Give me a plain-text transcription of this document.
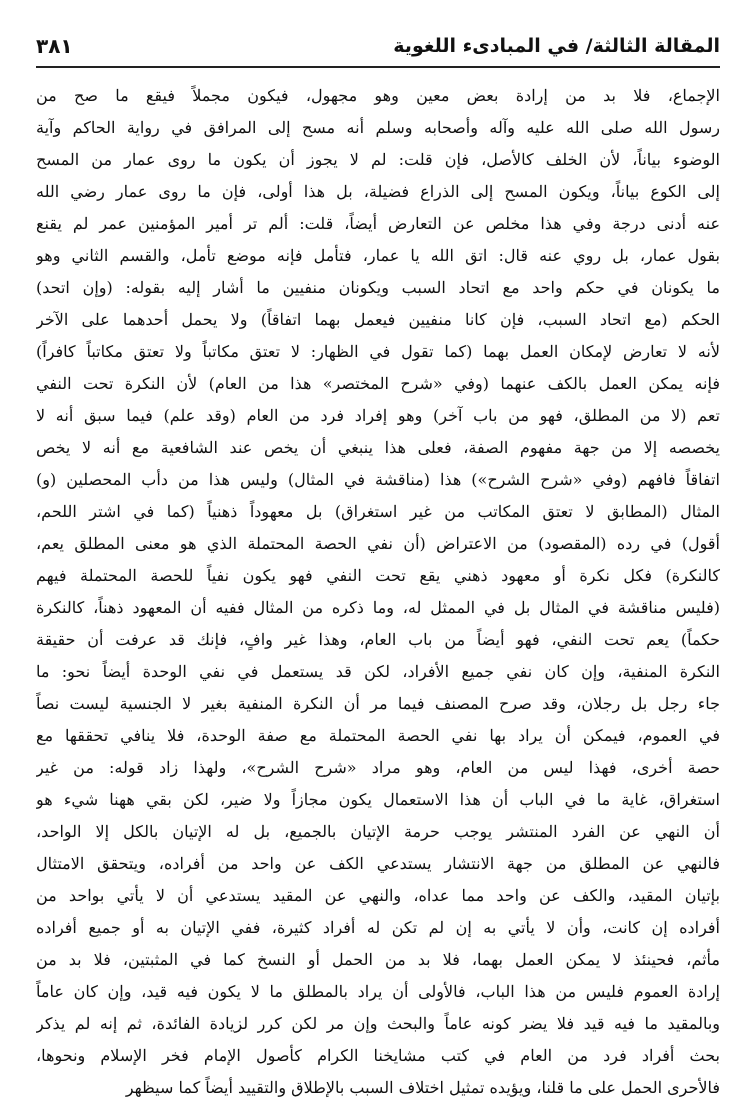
المقالة الثالثة/ في المبادىء اللغوية
٣٨١
الإجماع، فلا بد من إرادة بعض معين وهو مجهول، فيكون مجملاً فيقع ما صح من
رسول الله صلى الله عليه وآله وأصحابه وسلم أنه مسح إلى المرافق في رواية الحاكم وآية
الوضوء بياناً، لأن الخلف كالأصل، فإن قلت: لم لا يجوز أن يكون ما روى عمار من المسح
إلى الكوع بياناً، ويكون المسح إلى الذراع فضيلة، بل هذا أولى، فإن ما روى عمار رضي الله
عنه أدنى درجة وفي هذا مخلص عن التعارض أيضاً، قلت: ألم تر أمير المؤمنين عمر لم يقنع
بقول عمار، بل روي عنه قال: اتق الله يا عمار، فتأمل فإنه موضع تأمل، والقسم الثاني وهو
ما يكونان في حكم واحد مع اتحاد السبب ويكونان منفيين ما أشار إليه بقوله: (وإن اتحد)
الحكم (مع اتحاد السبب، فإن كانا منفيين فيعمل بهما اتفاقاً) ولا يحمل أحدهما على الآخر
لأنه لا تعارض لإمكان العمل بهما (كما تقول في الظهار: لا تعتق مكاتباً ولا تعتق مكاتباً كافراً)
فإنه يمكن العمل بالكف عنهما (وفي «شرح المختصر» هذا من العام) لأن النكرة تحت النفي
تعم (لا من المطلق، فهو من باب آخر) وهو إفراد فرد من العام (وقد علم) فيما سبق أنه لا
يخصصه إلا من جهة مفهوم الصفة، فعلى هذا ينبغي أن يخص عند الشافعية مع أنه لا يخص
اتفاقاً فافهم (وفي «شرح الشرح») هذا (مناقشة في المثال) وليس هذا من دأب المحصلين (و)
المثال (المطابق لا تعتق المكاتب من غير استغراق) بل معهوداً ذهنياً (كما في اشتر اللحم،
أقول) في رده (المقصود) من الاعتراض (أن نفي الحصة المحتملة الذي هو معنى المطلق يعم،
كالنكرة) فكل نكرة أو معهود ذهني يقع تحت النفي فهو يكون نفياً للحصة المحتملة فيهم
(فليس مناقشة في المثال بل في الممثل له، وما ذكره من المثال ففيه أن المعهود ذهناً، كالنكرة
حكماً) يعم تحت النفي، فهو أيضاً من باب العام، وهذا غير وافٍ، فإنك قد عرفت أن حقيقة
النكرة المنفية، وإن كان نفي جميع الأفراد، لكن قد يستعمل في نفي الوحدة أيضاً نحو: ما
جاء رجل بل رجلان، وقد صرح المصنف فيما مر أن النكرة المنفية بغير لا الجنسية ليست نصاً
في العموم، فيمكن أن يراد بها نفي الحصة المحتملة مع صفة الوحدة، فلا ينافي تحققها مع
حصة أخرى، فهذا ليس من العام، وهو مراد «شرح الشرح»، ولهذا زاد قوله: من غير
استغراق، غاية ما في الباب أن هذا الاستعمال يكون مجازاً ولا ضير، لكن بقي ههنا شيء هو
أن النهي عن الفرد المنتشر يوجب حرمة الإتيان بالجميع، بل له الإتيان بالكل إلا الواحد،
فالنهي عن المطلق من جهة الانتشار يستدعي الكف عن واحد من أفراده، ويتحقق الامتثال
بإتيان المقيد، والكف عن واحد مما عداه، والنهي عن المقيد يستدعي أن لا يأتي بواحد من
أفراده إن كانت، وأن لا يأتي به إن لم تكن له أفراد كثيرة، ففي الإتيان به أو جميع أفراده
مأثم، فحينئذ لا يمكن العمل بهما، فلا بد من الحمل أو النسخ كما في المثبتين، فلا بد من
إرادة العموم فليس من هذا الباب، فالأولى أن يراد بالمطلق ما لا يكون فيه قيد، وإن كان عاماً
وبالمقيد ما فيه قيد فلا يضر كونه عاماً والبحث وإن مر لكن كرر لزيادة الفائدة، ثم إنه لم يذكر
بحث أفراد فرد من العام في كتب مشايخنا الكرام كأصول الإمام فخر الإسلام ونحوها،
فالأحرى الحمل على ما قلنا، ويؤيده تمثيل اختلاف السبب بالإطلاق والتقييد أيضاً كما سيظهر
